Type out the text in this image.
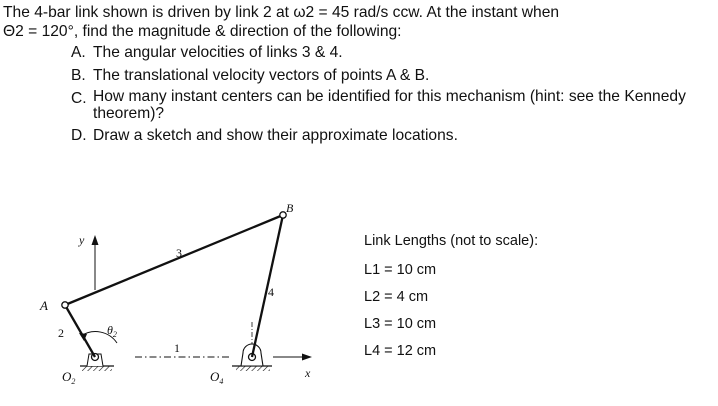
The 4-bar link shown is driven by link 2 at ω2 = 45 rad/s ccw. At the instant when

Θ2 = 120°, find the magnitude & direction of the following:

A. The angular velocities of links 3 & 4.
B. The translational velocity vectors of points A & B.
C. How many instant centers can be identified for this mechanism (hint: see the Kennedy theorem)?
D. Draw a sketch and show their approximate locations.
A
B
2
3
4
1
y
x
$\theta_2$
$O_2$	$O_4$
Link Lengths (not to scale):
L1 = 10 cm
L2 = 4 cm
L3 = 10 cm
L4 = 12 cm
